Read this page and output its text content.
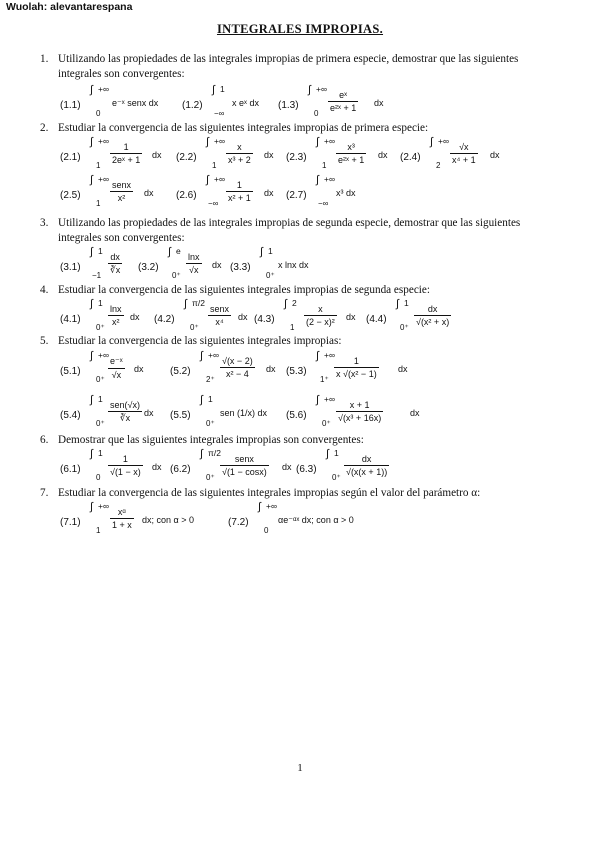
Wuolah: alevantarespana
INTEGRALES IMPROPIAS.
1. Utilizando las propiedades de las integrales impropias de primera especie, demostrar que las siguientes integrales son convergentes:
(1.1)
∫ +∞
0
e⁻ˣ senx dx (1.2)
∫ 1
−∞
x eˣ dx (1.3)
∫ +∞
0
eˣ
e²ˣ + 1 dx
2. Estudiar la convergencia de las siguientes integrales impropias de primera especie:
(2.1)
∫ +∞
1
1
2eˣ + 1 dx (2.2)
∫ +∞
1
x
x³ + 2 dx (2.3)
∫ +∞
1
x³
e²ˣ + 1 dx (2.4)
∫ +∞
2
√x
x⁴ + 1 dx
(2.5)
∫ +∞
1
senx
x²	dx (2.6)
∫ +∞
−∞
1
x² + 1 dx (2.7)
∫ +∞
−∞
x³ dx
3. Utilizando las propiedades de las integrales impropias de segunda especie, demostrar que las siguientes integrales son convergentes:
(3.1)
∫ 1
−1
dx
∛x (3.2)
∫ e
0⁺
lnx
√x	dx (3.3)
∫ 1
0⁺
x lnx dx
4. Estudiar la convergencia de las siguientes integrales impropias de segunda especie:
(4.1)
∫ 1
0⁺
lnx
x²	dx (4.2)
∫ π/2
0⁺
senx
x⁴	dx (4.3)
∫ 2
1
x
(2 − x)² dx (4.4)
∫ 1
0⁺
dx
√(x² + x)
5. Estudiar la convergencia de las siguientes integrales impropias:
(5.1)
∫ +∞
0⁺
e⁻ˣ
√x
dx	(5.2)
∫ +∞
2⁺
√(x − 2)
x² − 4	dx (5.3)
∫ +∞
1⁺
1
x √(x² − 1) dx
(5.4)
∫ 1
0⁺
sen(√x)
∛x	dx (5.5)
∫ 1
0⁺
sen (1/x) dx (5.6)
∫ +∞
0⁺
x + 1
√(x³ + 16x)	dx
6. Demostrar que las siguientes integrales impropias son convergentes:
(6.1)
∫ 1
0
1
√(1 − x) dx (6.2)
∫ π/2
0⁺
senx
√(1 − cosx) dx (6.3)
∫ 1
0⁺
dx
√(x(x + 1))
7. Estudiar la convergencia de las siguientes integrales impropias según el valor del parámetro α:
(7.1)
∫ +∞
1
xᵅ
1 + x dx; con α > 0	(7.2)
∫ +∞
0
αe⁻ᵅˣ dx; con α > 0
1
